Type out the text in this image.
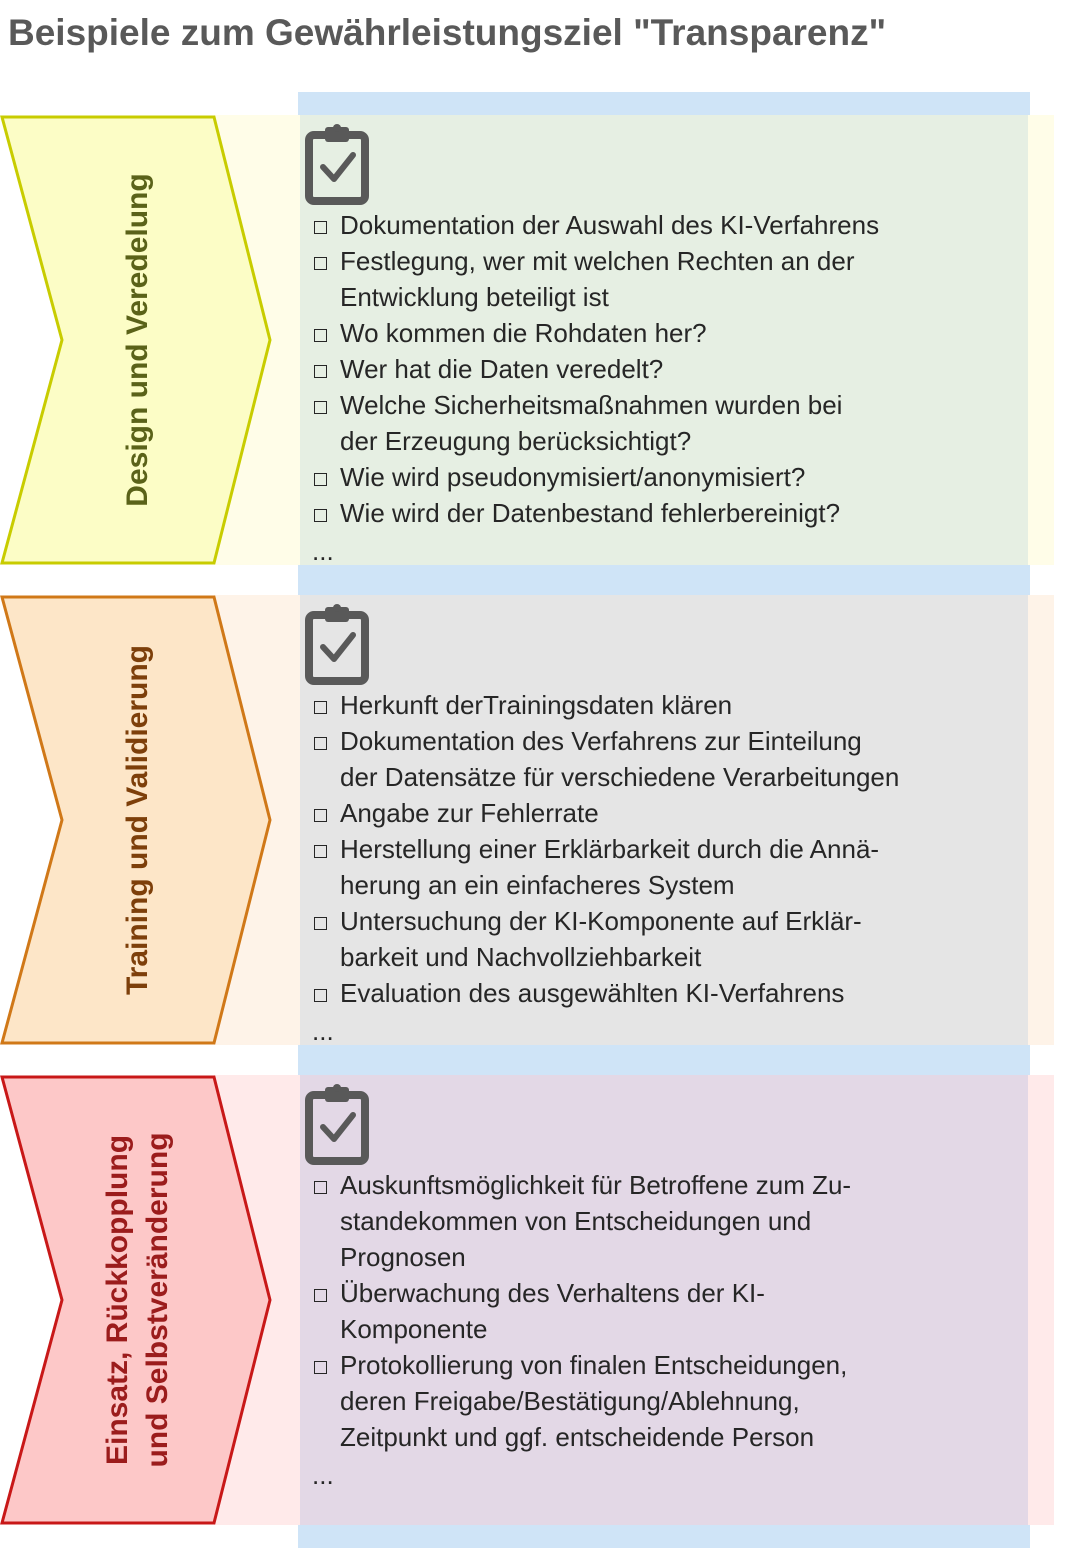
Beispiele zum Gewährleistungsziel "Transparenz"
Design und Veredelung	Dokumentation der Auswahl des KI-Verfahrens
Festlegung, wer mit welchen Rechten an der
Entwicklung beteiligt ist
Wo kommen die Rohdaten her?
Wer hat die Daten veredelt?
Welche Sicherheitsmaßnahmen wurden bei
der Erzeugung berücksichtigt?
Wie wird pseudonymisiert/anonymisiert?
Wie wird der Datenbestand fehlerbereinigt?
...
Training und Validierung	Herkunft derTrainingsdaten klären
Dokumentation des Verfahrens zur Einteilung
der Datensätze für verschiedene Verarbeitungen
Angabe zur Fehlerrate
Herstellung einer Erklärbarkeit durch die Annä-
herung an ein einfacheres System
Untersuchung der KI-Komponente auf Erklär-
barkeit und Nachvollziehbarkeit
Evaluation des ausgewählten KI-Verfahrens
...
Einsatz, Rückkopplung und Selbstveränderung	Auskunftsmöglichkeit für Betroffene zum Zu-
standekommen von Entscheidungen und
Prognosen
Überwachung des Verhaltens der KI-
Komponente
Protokollierung von finalen Entscheidungen,
deren Freigabe/Bestätigung/Ablehnung,
Zeitpunkt und ggf. entscheidende Person
...
